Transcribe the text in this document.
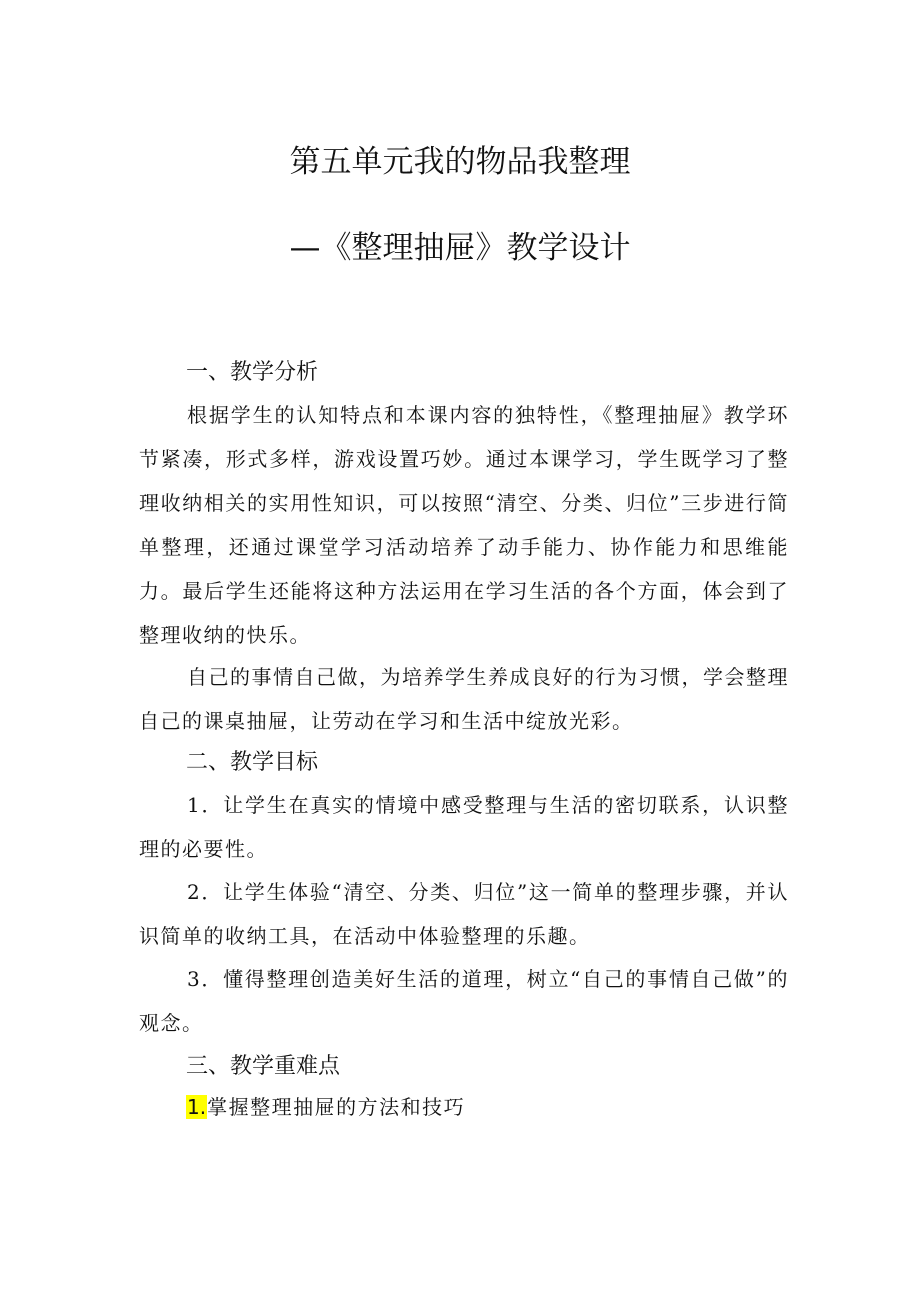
第五单元我的物品我整理
—《整理抽屉》教学设计
一、教学分析

根据学生的认知特点和本课内容的独特性，《整理抽屉》教学环节紧凑，形式多样，游戏设置巧妙。通过本课学习，学生既学习了整理收纳相关的实用性知识，可以按照“清空、分类、归位”三步进行简单整理，还通过课堂学习活动培养了动手能力、协作能力和思维能力。最后学生还能将这种方法运用在学习生活的各个方面，体会到了整理收纳的快乐。

自己的事情自己做，为培养学生养成良好的行为习惯，学会整理自己的课桌抽屉，让劳动在学习和生活中绽放光彩。

二、教学目标

1．让学生在真实的情境中感受整理与生活的密切联系，认识整理的必要性。

2．让学生体验“清空、分类、归位”这一简单的整理步骤，并认识简单的收纳工具，在活动中体验整理的乐趣。

3．懂得整理创造美好生活的道理，树立“自己的事情自己做”的观念。

三、教学重难点
1.掌握整理抽屉的方法和技巧
